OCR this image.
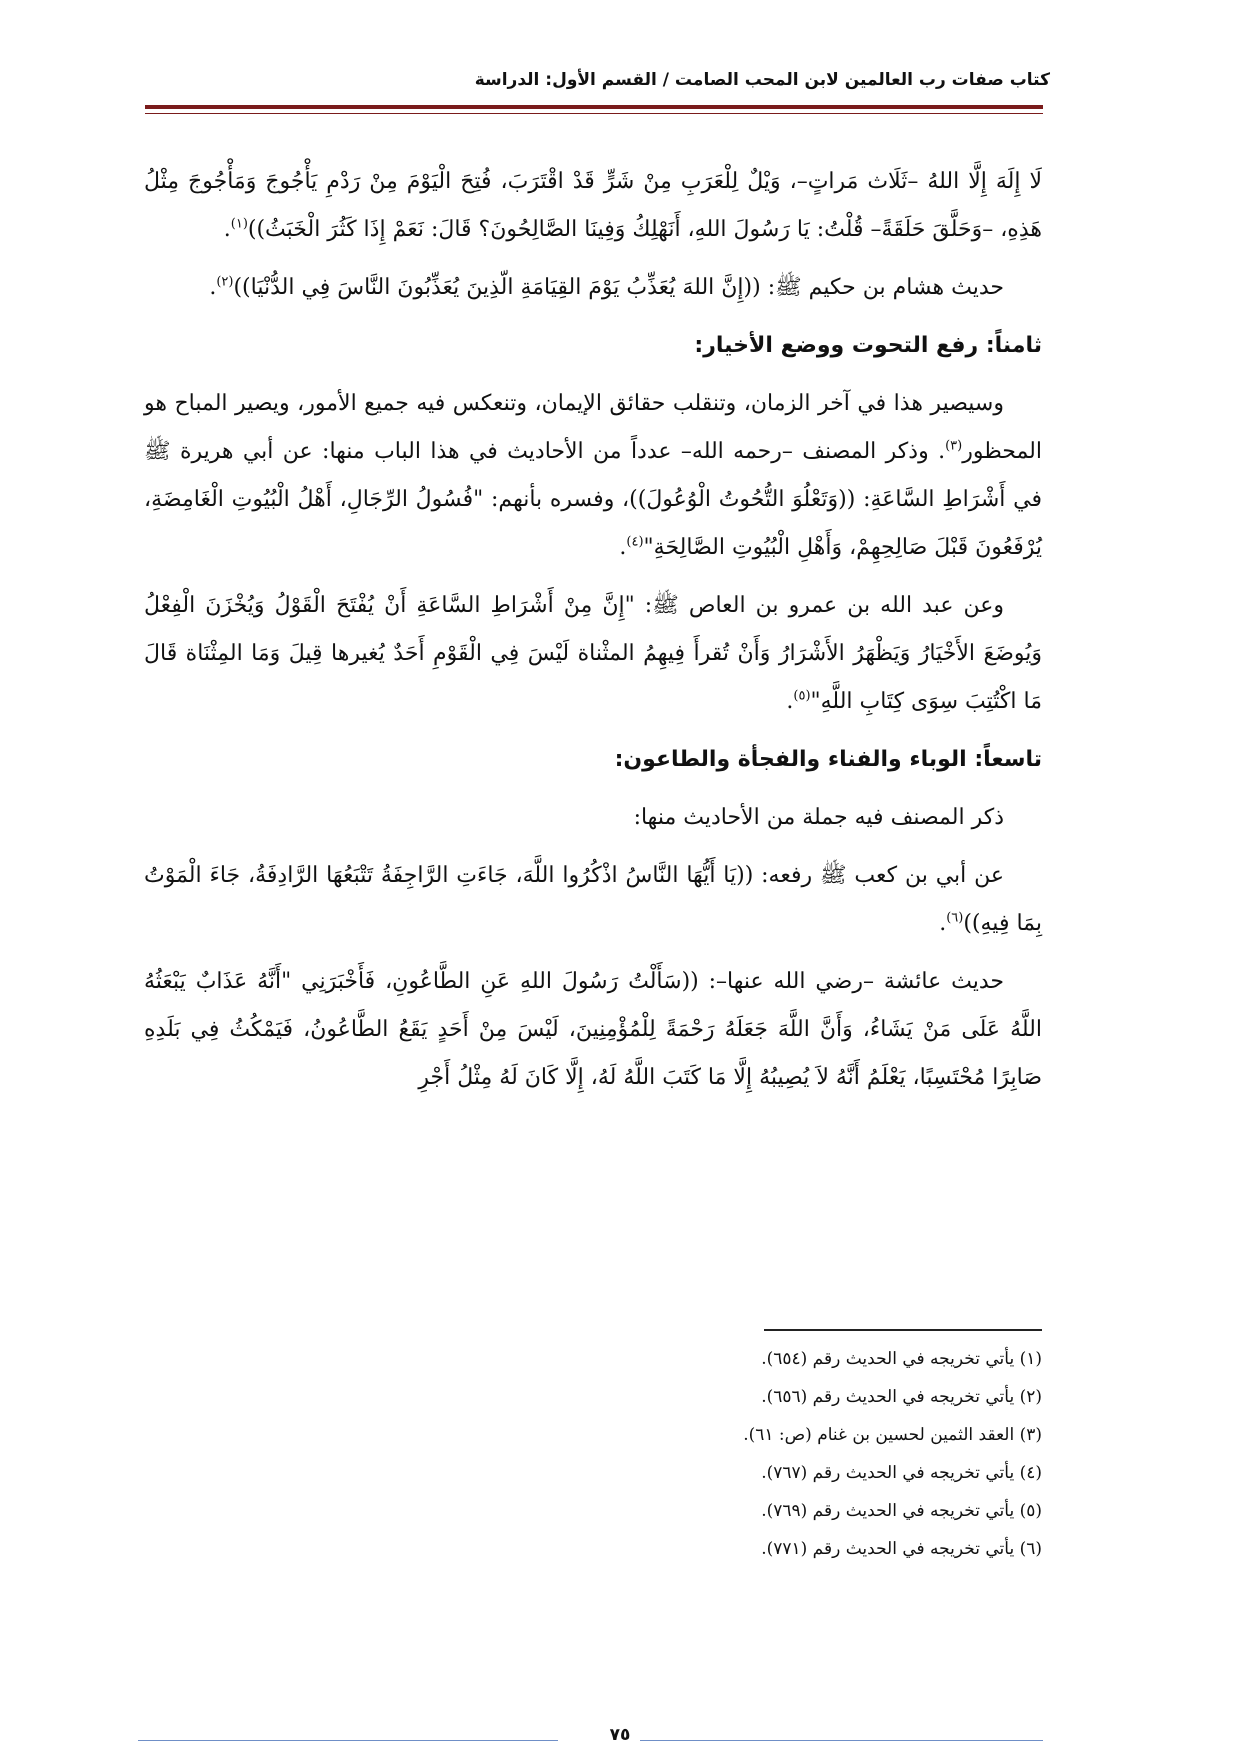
كتاب صفات رب العالمين لابن المحب الصامت / القسم الأول: الدراسة

لَا إِلَهَ إِلَّا اللهُ –ثَلَاث مَراتٍ–، وَيْلٌ لِلْعَرَبِ مِنْ شَرٍّ قَدْ اقْتَرَبَ، فُتِحَ الْيَوْمَ مِنْ رَدْمِ يَأْجُوجَ وَمَأْجُوجَ مِثْلُ هَذِهِ، –وَحَلَّقَ حَلَقَةً– قُلْتُ: يَا رَسُولَ اللهِ، أَنَهْلِكُ وَفِينَا الصَّالِحُونَ؟ قَالَ: نَعَمْ إِذَا كَثُرَ الْخَبَثُ))$^{(١)}$.

حديث هشام بن حكيم ﷺ: ((إِنَّ اللهَ يُعَذِّبُ يَوْمَ القِيَامَةِ الّذِينَ يُعَذِّبُونَ النَّاسَ فِي الدُّنْيَا))$^{(٢)}$.

ثامناً: رفع التحوت ووضع الأخيار:

وسيصير هذا في آخر الزمان، وتنقلب حقائق الإيمان، وتنعكس فيه جميع الأمور، ويصير المباح هو المحظور$^{(٣)}$. وذكر المصنف –رحمه الله– عدداً من الأحاديث في هذا الباب منها: عن أبي هريرة ﷺ في أَشْرَاطِ السَّاعَةِ: ((وَتَعْلُوَ التُّحُوتُ الْوُعُولَ))، وفسره بأنهم: "فُسُولُ الرِّجَالِ، أَهْلُ الْبُيُوتِ الْغَامِضَةِ، يُرْفَعُونَ قَبْلَ صَالِحِهِمْ، وَأَهْلِ الْبُيُوتِ الصَّالِحَةِ"$^{(٤)}$.

وعن عبد الله بن عمرو بن العاص ﷺ: "إِنَّ مِنْ أَشْرَاطِ السَّاعَةِ أَنْ يُفْتَحَ الْقَوْلُ وَيُخْزَنَ الْفِعْلُ وَيُوضَعَ الأَخْيَارُ وَيَظْهَرُ الأَشْرَارُ وَأَنْ تُقرأَ فِيهِمُ المثْناة لَيْسَ فِي الْقَوْمِ أَحَدٌ يُغيرها قِيلَ وَمَا المِثْنَاة قَالَ مَا اكْتُتِبَ سِوَى كِتَابِ اللَّهِ"$^{(٥)}$.

تاسعاً: الوباء والفناء والفجأة والطاعون:

ذكر المصنف فيه جملة من الأحاديث منها:

عن أبي بن كعب ﷺ رفعه: ((يَا أَيُّهَا النَّاسُ اذْكُرُوا اللَّهَ، جَاءَتِ الرَّاجِفَةُ تَتْبَعُهَا الرَّادِفَةُ، جَاءَ الْمَوْتُ بِمَا فِيهِ))$^{(٦)}$.

حديث عائشة –رضي الله عنها–: ((سَأَلْتُ رَسُولَ اللهِ عَنِ الطَّاعُونِ، فَأَخْبَرَنِي "أَنَّهُ عَذَابٌ يَبْعَثُهُ اللَّهُ عَلَى مَنْ يَشَاءُ، وَأَنَّ اللَّهَ جَعَلَهُ رَحْمَةً لِلْمُؤْمِنِينَ، لَيْسَ مِنْ أَحَدٍ يَقَعُ الطَّاعُونُ، فَيَمْكُثُ فِي بَلَدِهِ صَابِرًا مُحْتَسِبًا، يَعْلَمُ أَنَّهُ لاَ يُصِيبُهُ إِلَّا مَا كَتَبَ اللَّهُ لَهُ، إِلَّا كَانَ لَهُ مِثْلُ أَجْرِ

(١) يأتي تخريجه في الحديث رقم (٦٥٤).
(٢) يأتي تخريجه في الحديث رقم (٦٥٦).
(٣) العقد الثمين لحسين بن غنام (ص: ٦١).
(٤) يأتي تخريجه في الحديث رقم (٧٦٧).
(٥) يأتي تخريجه في الحديث رقم (٧٦٩).
(٦) يأتي تخريجه في الحديث رقم (٧٧١).
٧٥
